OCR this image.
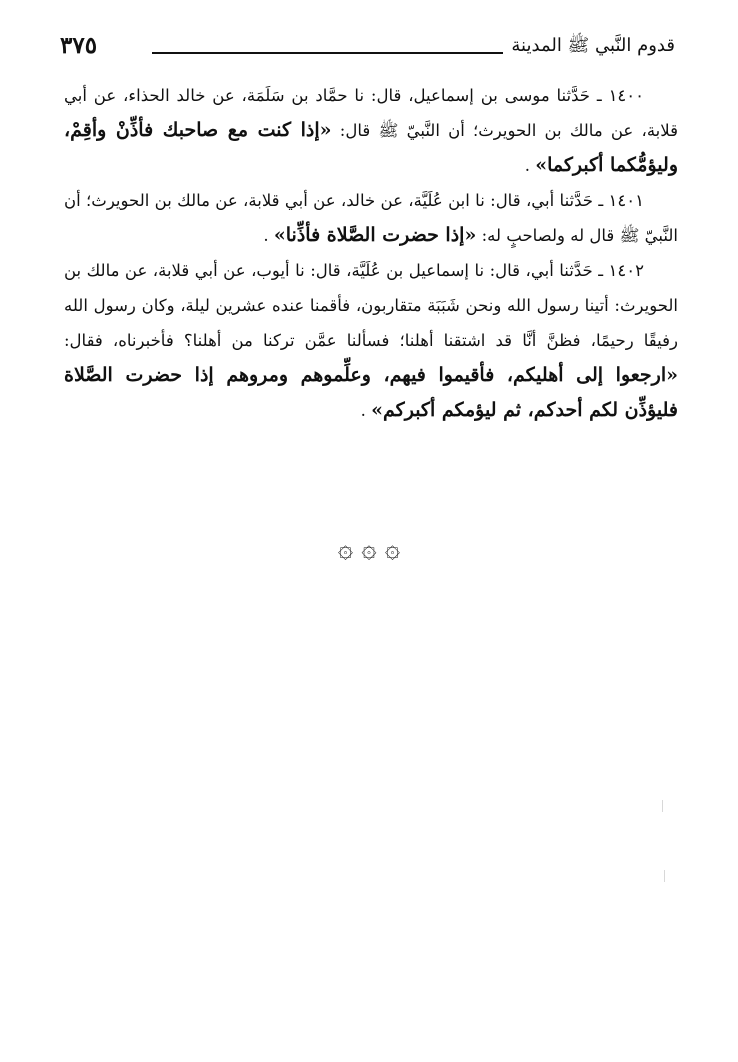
٣٧٥	قدوم النَّبي ﷺ المدينة

١٤٠٠ ـ حَدَّثنا موسى بن إسماعيل، قال: نا حمَّاد بن سَلَمَة، عن خالد الحذاء، عن أبي قلابة، عن مالك بن الحويرث؛ أن النَّبيّ ﷺ قال: «إذا كنت مع صاحبك فأذِّنْ وأقِمْ، وليؤمُّكما أكبركما» .

١٤٠١ ـ حَدَّثنا أبي، قال: نا ابن عُلَيَّة، عن خالد، عن أبي قلابة، عن مالك بن الحويرث؛ أن النَّبيّ ﷺ قال له ولصاحبٍ له: «إذا حضرت الصَّلاة فأذِّنا» .

١٤٠٢ ـ حَدَّثنا أبي، قال: نا إسماعيل بن عُلَيَّة، قال: نا أيوب، عن أبي قلابة، عن مالك بن الحويرث: أتينا رسول الله ونحن شَبَبَة متقاربون، فأقمنا عنده عشرين ليلة، وكان رسول الله رفيقًا رحيمًا، فظنَّ أنَّا قد اشتقنا أهلنا؛ فسألنا عمَّن تركنا من أهلنا؟ فأخبرناه، فقال: «ارجعوا إلى أهليكم، فأقيموا فيهم، وعلِّموهم ومروهم إذا حضرت الصَّلاة فليؤذِّن لكم أحدكم، ثم ليؤمكم أكبركم» .

۞ ۞ ۞
